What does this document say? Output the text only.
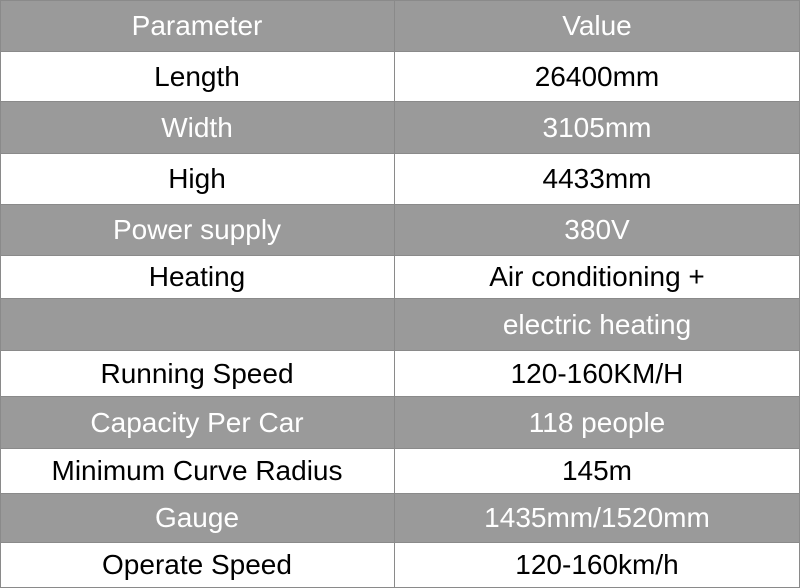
Parameter	Value
Length	26400mm
Width	3105mm
High	4433mm
Power supply	380V
Heating	Air conditioning +
electric heating
Running Speed	120-160KM/H
Capacity Per Car	118 people
Minimum Curve Radius	145m
Gauge	1435mm/1520mm
Operate Speed	120-160km/h
